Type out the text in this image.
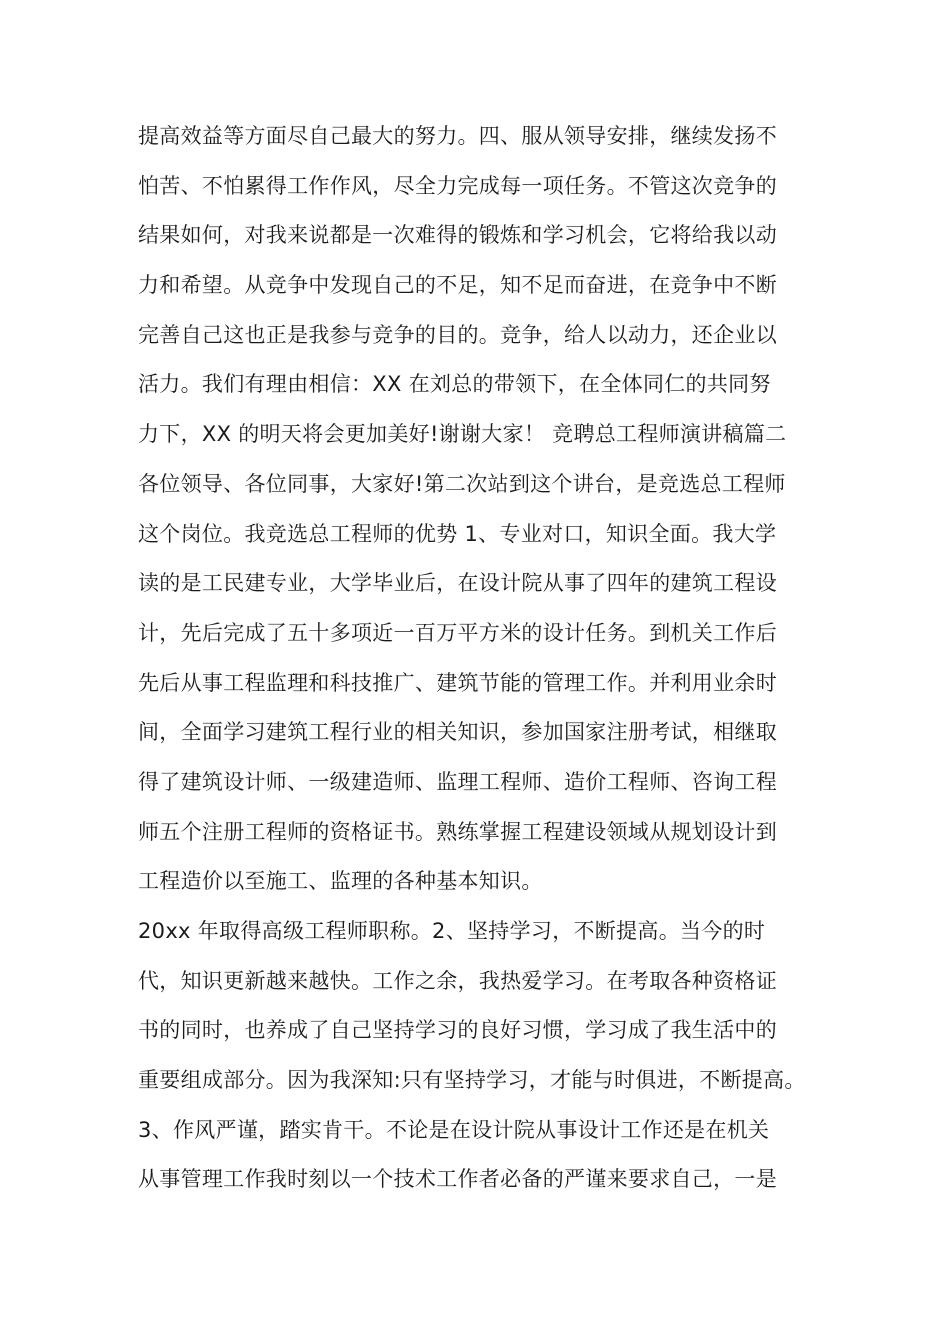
提高效益等方面尽自己最大的努力。四、服从领导安排，继续发扬不
怕苦、不怕累得工作作风，尽全力完成每一项任务。不管这次竞争的
结果如何，对我来说都是一次难得的锻炼和学习机会，它将给我以动
力和希望。从竞争中发现自己的不足，知不足而奋进，在竞争中不断
完善自己这也正是我参与竞争的目的。竞争，给人以动力，还企业以
活力。我们有理由相信：XX 在刘总的带领下，在全体同仁的共同努
力下，XX 的明天将会更加美好!谢谢大家！ 竞聘总工程师演讲稿篇二
各位领导、各位同事，大家好!第二次站到这个讲台，是竞选总工程师
这个岗位。我竞选总工程师的优势 1、专业对口，知识全面。我大学
读的是工民建专业，大学毕业后，在设计院从事了四年的建筑工程设
计，先后完成了五十多项近一百万平方米的设计任务。到机关工作后
先后从事工程监理和科技推广、建筑节能的管理工作。并利用业余时
间，全面学习建筑工程行业的相关知识，参加国家注册考试，相继取
得了建筑设计师、一级建造师、监理工程师、造价工程师、咨询工程
师五个注册工程师的资格证书。熟练掌握工程建设领域从规划设计到
工程造价以至施工、监理的各种基本知识。
20xx 年取得高级工程师职称。2、坚持学习，不断提高。当今的时
代，知识更新越来越快。工作之余，我热爱学习。在考取各种资格证
书的同时，也养成了自己坚持学习的良好习惯，学习成了我生活中的
重要组成部分。因为我深知:只有坚持学习，才能与时俱进，不断提高。
3、作风严谨，踏实肯干。不论是在设计院从事设计工作还是在机关
从事管理工作我时刻以一个技术工作者必备的严谨来要求自己，一是
